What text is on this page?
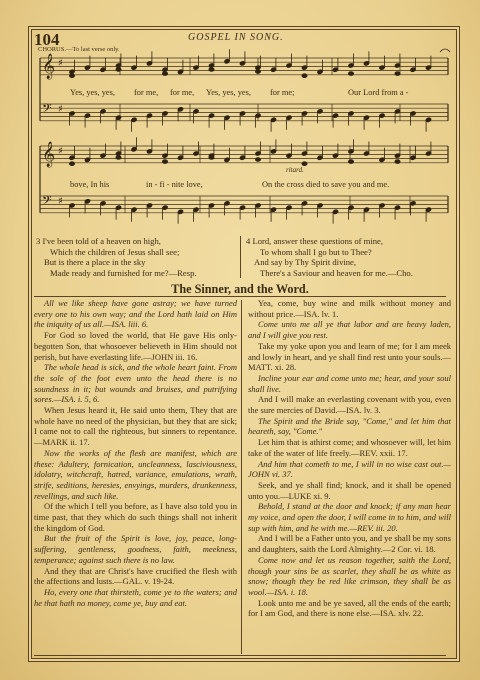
104	GOSPEL IN SONG.
CHORUS.—To last verse only.
𝄞 ♯
𝄢 ♯
𝄞 ♯
𝄢 ♯
Yes, yes, yes, for me, for me, Yes, yes, yes, for me;	Our Lord from a -
ritard.
bove, In his	in - fi - nite love,	On the cross died to save you and me.
3 I've been told of a heaven on high,
Which the children of Jesus shall see;
But is there a place in the sky
Made ready and furnished for me?—Resp.
4 Lord, answer these questions of mine,
To whom shall I go but to Thee?
And say by Thy Spirit divine,
There's a Saviour and heaven for me.—Cho.
The Sinner, and the Word.

All we like sheep have gone astray; we have turned every one to his own way; and the Lord hath laid on Him the iniquity of us all.—ISA. liii. 6.

For God so loved the world, that He gave His only-begotten Son, that whosoever believeth in Him should not perish, but have everlasting life.—JOHN iii. 16.

The whole head is sick, and the whole heart faint. From the sole of the foot even unto the head there is no soundness in it; but wounds and bruises, and putrifying sores.—ISA. i. 5, 6.

When Jesus heard it, He said unto them, They that are whole have no need of the physician, but they that are sick; I came not to call the righteous, but sinners to repentance. —MARK ii. 17.

Now the works of the flesh are manifest, which are these: Adultery, fornication, uncleanness, lasciviousness, idolatry, witchcraft, hatred, variance, emulations, wrath, strife, seditions, heresies, envyings, murders, drunkenness, revellings, and such like.

Of the which I tell you before, as I have also told you in time past, that they which do such things shall not inherit the kingdom of God.

But the fruit of the Spirit is love, joy, peace, long-suffering, gentleness, goodness, faith, meekness, temperance; against such there is no law.

And they that are Christ's have crucified the flesh with the affections and lusts.—GAL. v. 19-24.

Ho, every one that thirsteth, come ye to the waters; and he that hath no money, come ye, buy and eat.

Yea, come, buy wine and milk without money and without price.—ISA. lv. 1.

Come unto me all ye that labor and are heavy laden, and I will give you rest.

Take my yoke upon you and learn of me; for I am meek and lowly in heart, and ye shall find rest unto your souls.—MATT. xi. 28.

Incline your ear and come unto me; hear, and your soul shall live.

And I will make an everlasting covenant with you, even the sure mercies of David.—ISA. lv. 3.

The Spirit and the Bride say, "Come," and let him that heareth, say, "Come."

Let him that is athirst come; and whosoever will, let him take of the water of life freely.—REV. xxii. 17.

And him that cometh to me, I will in no wise cast out.—JOHN vi. 37.

Seek, and ye shall find; knock, and it shall be opened unto you.—LUKE xi. 9.

Behold, I stand at the door and knock; if any man hear my voice, and open the door, I will come in to him, and will sup with him, and he with me.—REV. iii. 20.

And I will be a Father unto you, and ye shall be my sons and daughters, saith the Lord Almighty.—2 Cor. vi. 18.

Come now and let us reason together, saith the Lord, though your sins be as scarlet, they shall be as white as snow; though they be red like crimson, they shall be as wool.—ISA. i. 18.

Look unto me and be ye saved, all the ends of the earth; for I am God, and there is none else.—ISA. xlv. 22.
